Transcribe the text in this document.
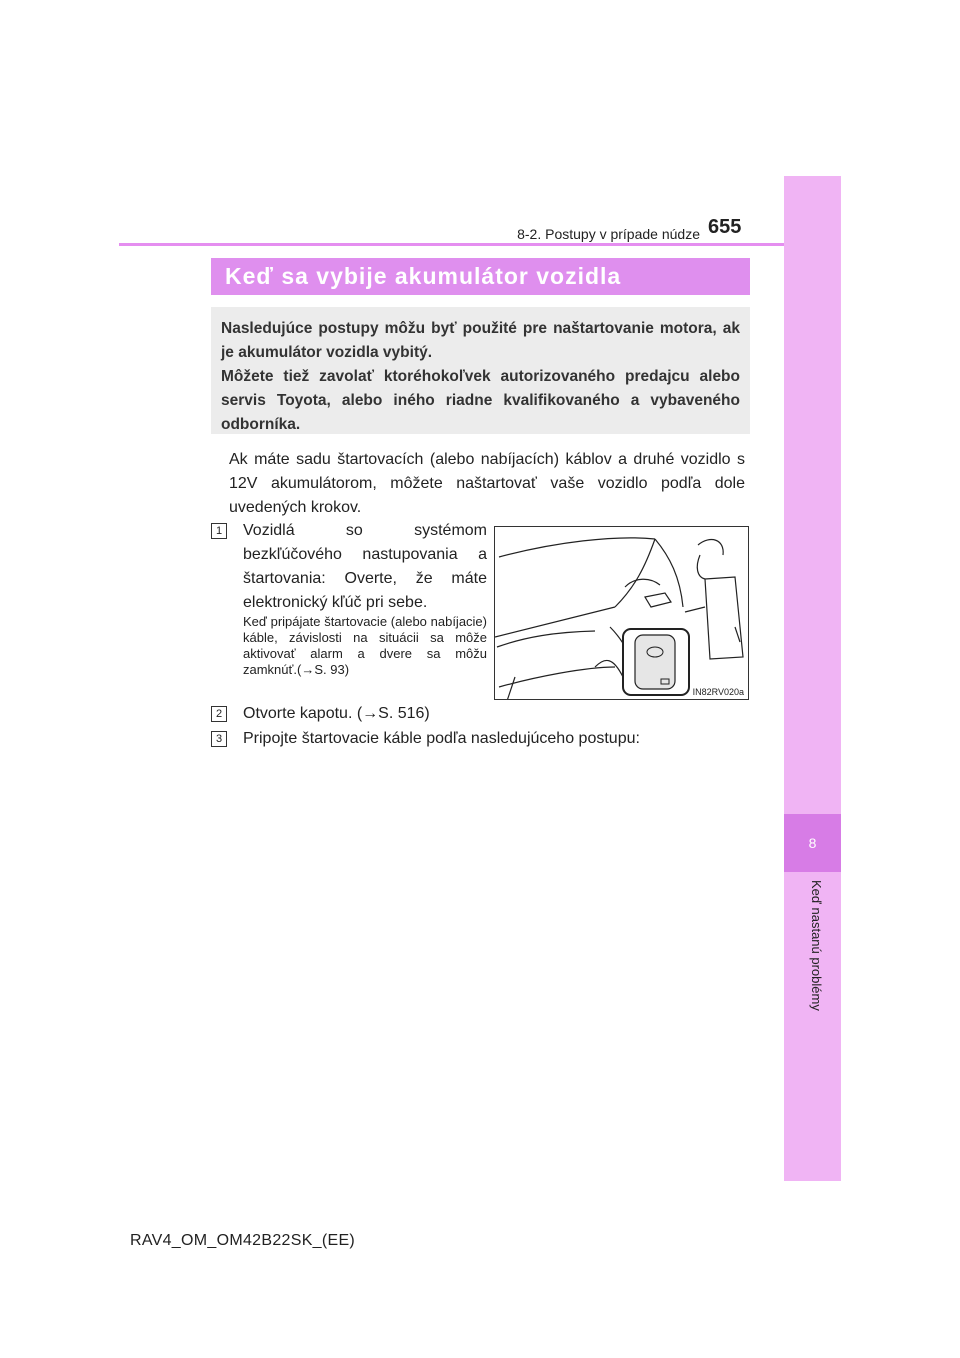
8
Keď nastanú problémy
8-2. Postupy v prípade núdze 655
Keď sa vybije akumulátor vozidla

Nasledujúce postupy môžu byť použité pre naštartovanie motora, ak je akumulátor vozidla vybitý.

Môžete tiež zavolať ktoréhokoľvek autorizovaného predajcu alebo servis Toyota, alebo iného riadne kvalifikovaného a vybaveného odborníka.

Ak máte sadu štartovacích (alebo nabíjacích) káblov a druhé vozidlo s 12V akumulátorom, môžete naštartovať vaše vozidlo podľa dole uvedených krokov.

1	Vozidlá so systémom bezkľúčového nastupovania a štartovania: Overte, že máte elektronický kľúč pri sebe.

Keď pripájate štartovacie (alebo nabíjacie) káble, závislosti na situácii sa môže aktivovať alarm a dvere sa môžu zamknúť.(→S. 93)

IN82RV020a
2	Otvorte kapotu. (→S. 516)

3	Pripojte štartovacie káble podľa nasledujúceho postupu:

RAV4_OM_OM42B22SK_(EE)
